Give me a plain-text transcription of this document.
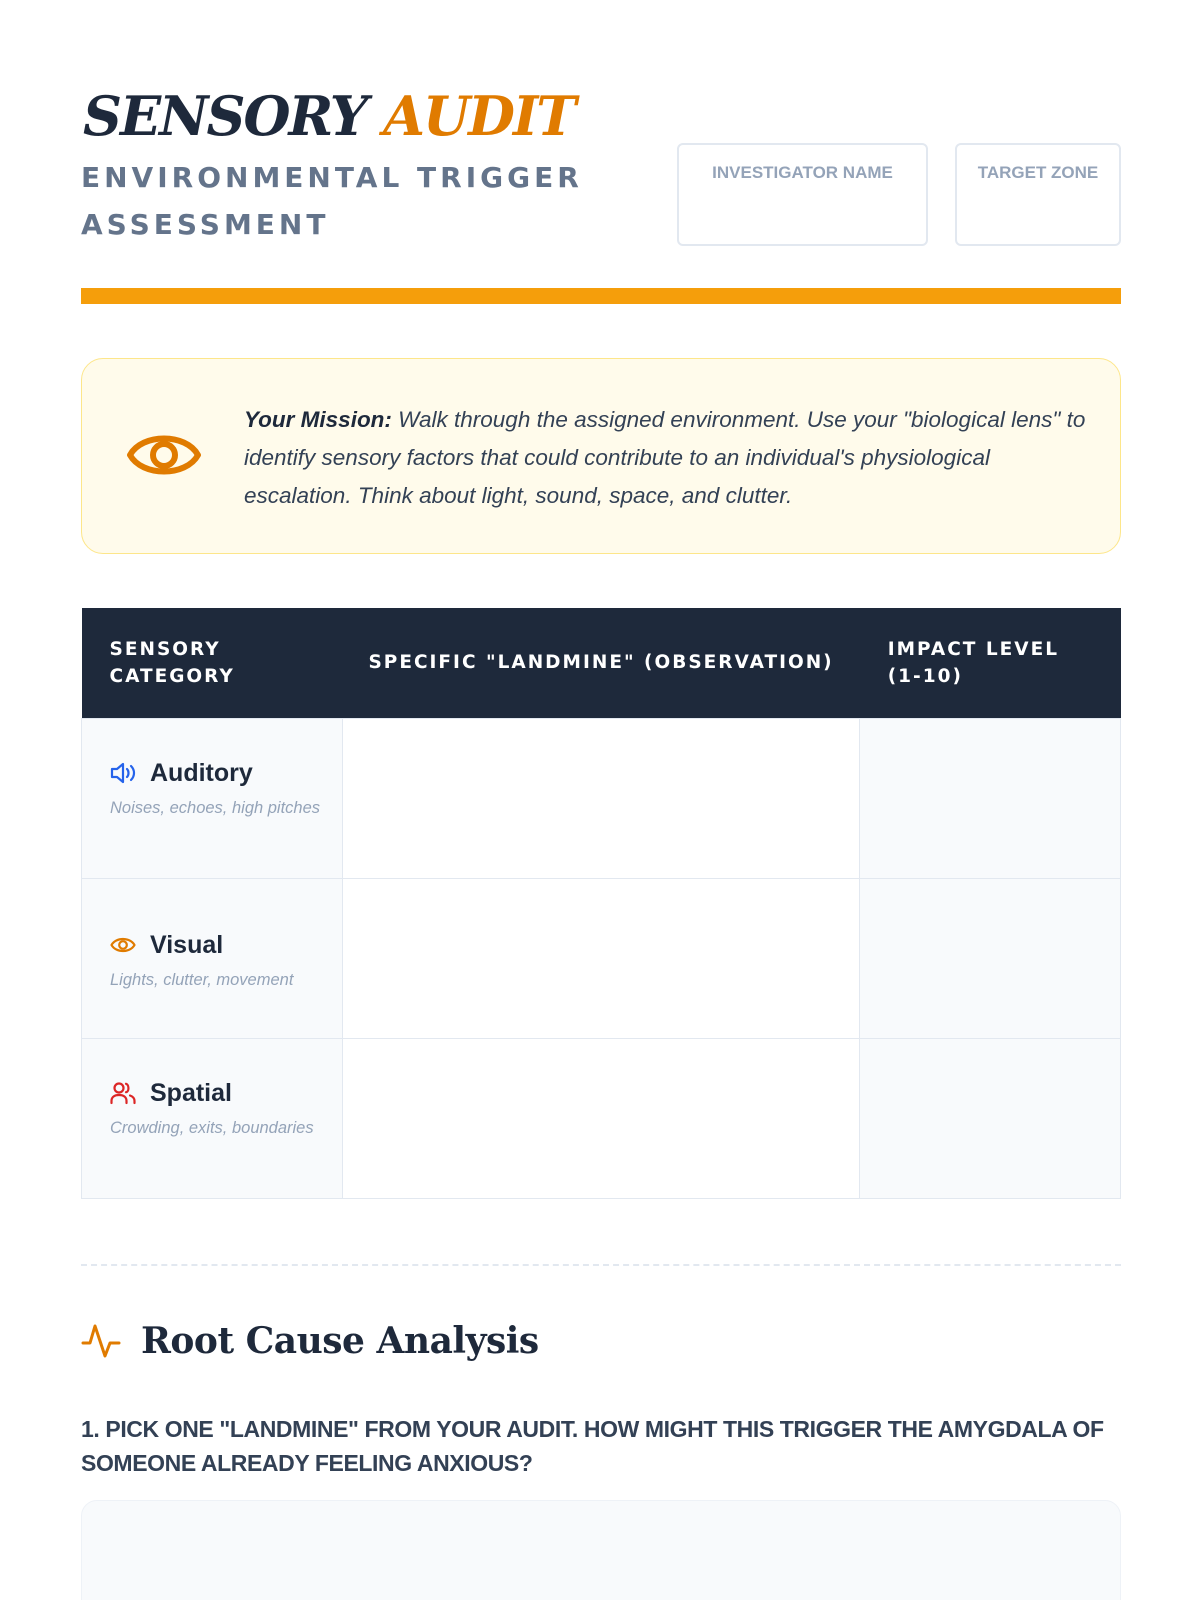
SENSORY AUDIT
ENVIRONMENTAL TRIGGER ASSESSMENT
INVESTIGATOR NAME	TARGET ZONE

Your Mission: Walk through the assigned environment. Use your "biological lens" to identify sensory factors that could contribute to an individual's physiological escalation. Think about light, sound, space, and clutter.

SENSORY CATEGORY	SPECIFIC "LANDMINE" (OBSERVATION)	IMPACT LEVEL (1-10)

Auditory
Noises, echoes, high pitches		

Visual
Lights, clutter, movement		

Spatial
Crowding, exits, boundaries		

Root Cause Analysis
1. PICK ONE "LANDMINE" FROM YOUR AUDIT. HOW MIGHT THIS TRIGGER THE AMYGDALA OF SOMEONE ALREADY FEELING ANXIOUS?
